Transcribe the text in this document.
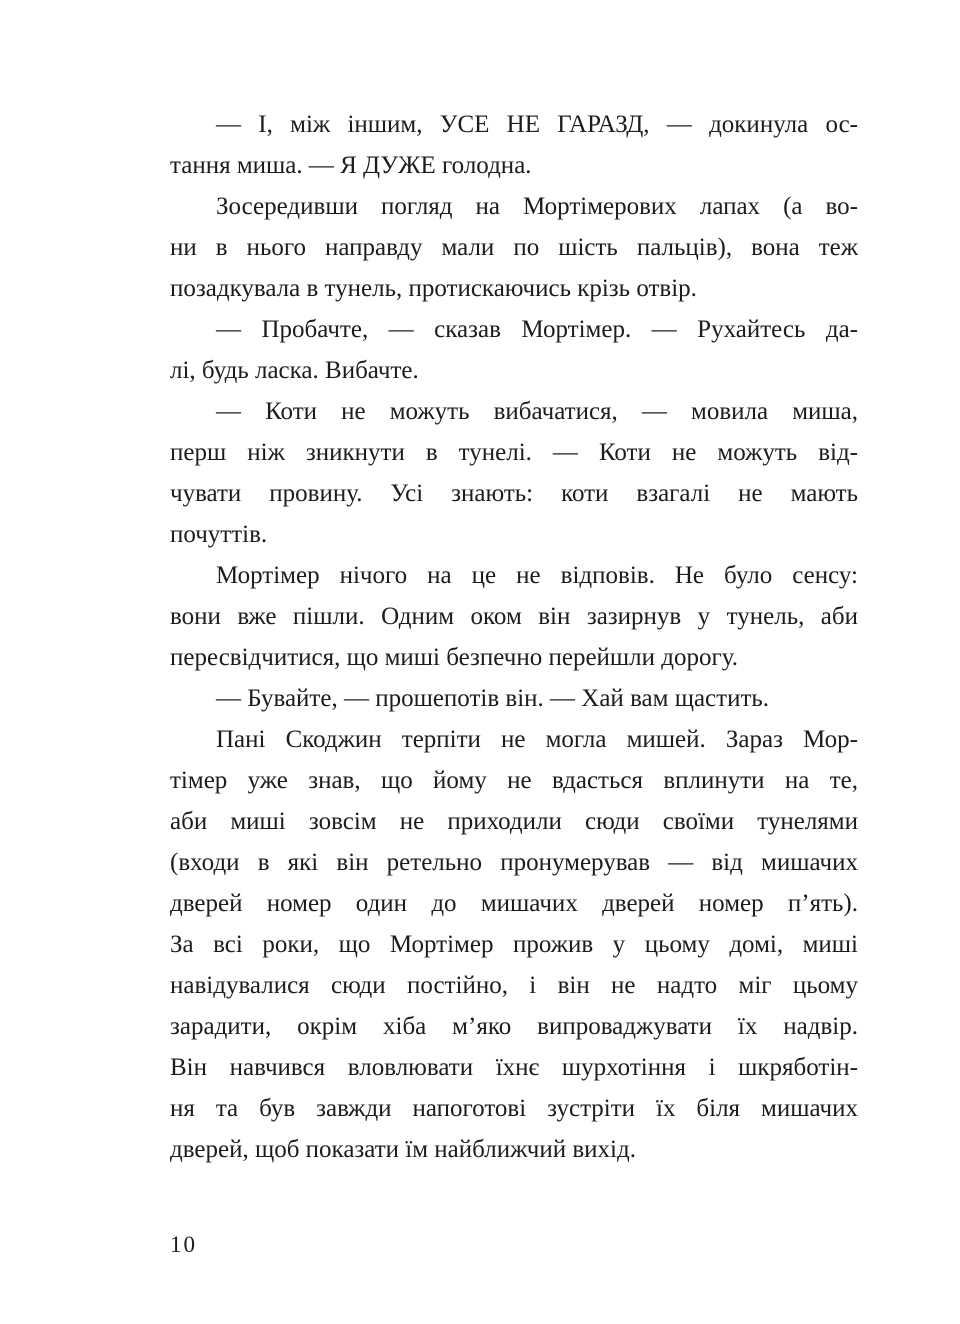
— І, між іншим, УСЕ НЕ ГАРАЗД, — докинула ос-
тання миша. — Я ДУЖЕ голодна.
Зосередивши погляд на Мортімерових лапах (а во-
ни в нього направду мали по шість пальців), вона теж
позадкувала в тунель, протискаючись крізь отвір.
— Пробачте, — сказав Мортімер. — Рухайтесь да-
лі, будь ласка. Вибачте.
— Коти не можуть вибачатися, — мовила миша,
перш ніж зникнути в тунелі. — Коти не можуть від-
чувати провину. Усі знають: коти взагалі не мають
почуттів.
Мортімер нічого на це не відповів. Не було сенсу:
вони вже пішли. Одним оком він зазирнув у тунель, аби
пересвідчитися, що миші безпечно перейшли дорогу.
— Бувайте, — прошепотів він. — Хай вам щастить.
Пані Скоджин терпіти не могла мишей. Зараз Мор-
тімер уже знав, що йому не вдасться вплинути на те,
аби миші зовсім не приходили сюди своїми тунелями
(входи в які він ретельно пронумерував — від мишачих
дверей номер один до мишачих дверей номер п’ять).
За всі роки, що Мортімер прожив у цьому домі, миші
навідувалися сюди постійно, і він не надто міг цьому
зарадити, окрім хіба м’яко випроваджувати їх надвір.
Він навчився вловлювати їхнє шурхотіння і шкряботін-
ня та був завжди напоготові зустріти їх біля мишачих
дверей, щоб показати їм найближчий вихід.
10
